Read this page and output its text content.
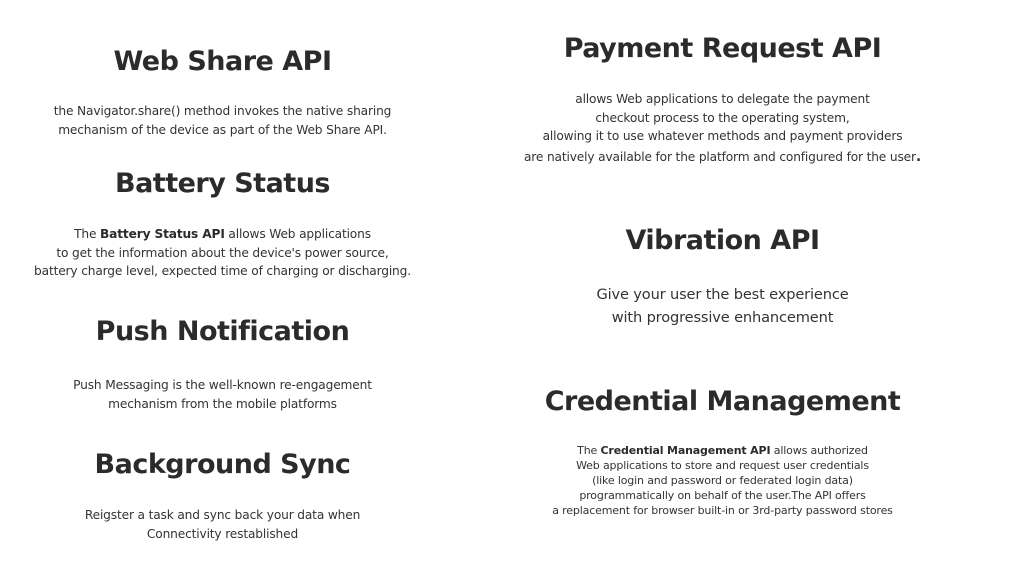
Web Share API
the Navigator.share() method invokes the native sharing
mechanism of the device as part of the Web Share API.
Battery Status
The Battery Status API allows Web applications
to get the information about the device's power source,
battery charge level, expected time of charging or discharging.
Push Notification
Push Messaging is the well-known re-engagement
mechanism from the mobile platforms
Background Sync
Reigster a task and sync back your data when
Connectivity restablished
Payment Request API
allows Web applications to delegate the payment
checkout process to the operating system,
allowing it to use whatever methods and payment providers
are natively available for the platform and configured for the user.
Vibration API
Give your user the best experience
with progressive enhancement
Credential Management
The Credential Management API allows authorized
Web applications to store and request user credentials
(like login and password or federated login data)
programmatically on behalf of the user.The API offers
a replacement for browser built-in or 3rd-party password stores
